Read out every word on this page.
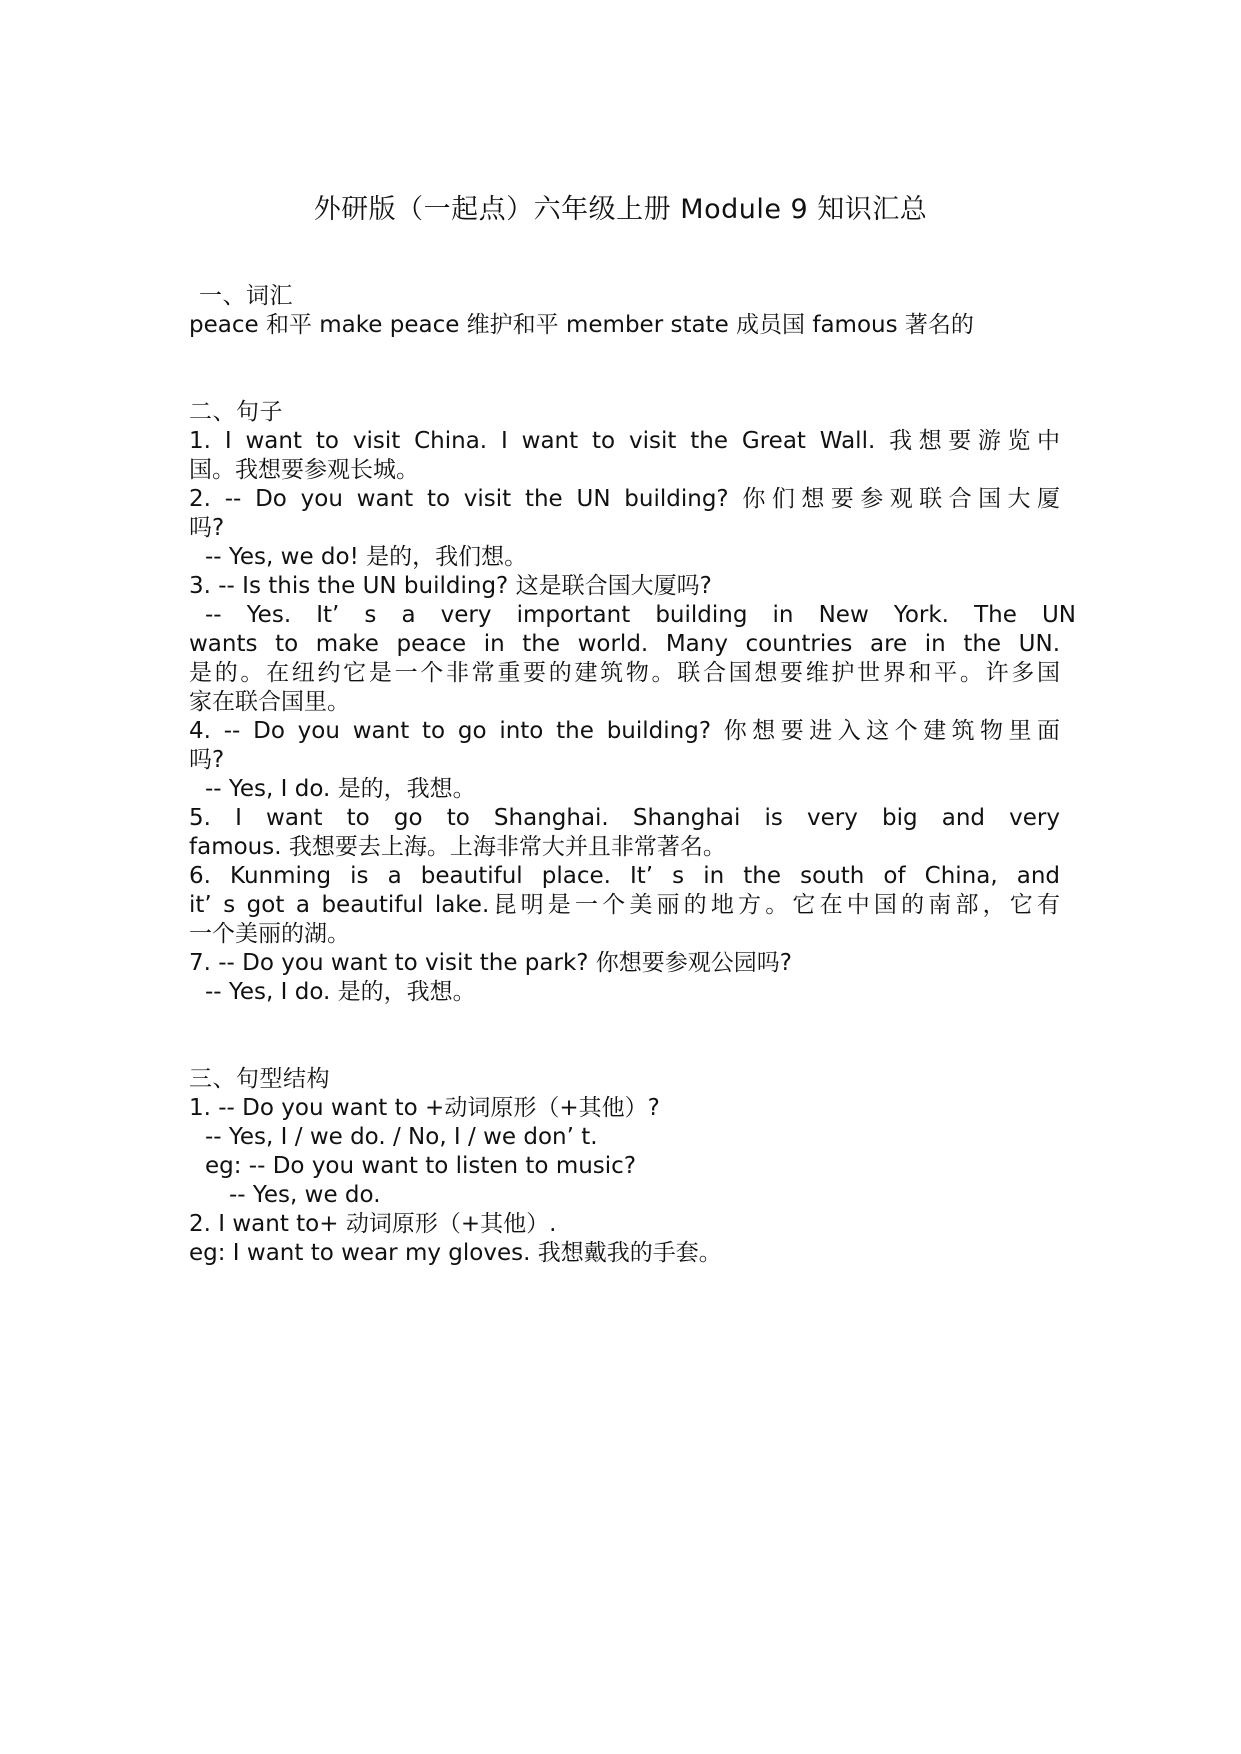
外研版（一起点）六年级上册 Module 9 知识汇总
一、词汇
peace 和平 make peace 维护和平 member state 成员国 famous 著名的
二、句子
1. I want to visit China. I want to visit the Great Wall. 我想要游览中
国。我想要参观长城。
2. -- Do you want to visit the UN building? 你们想要参观联合国大厦
吗?
-- Yes, we do! 是的，我们想。
3. -- Is this the UN building? 这是联合国大厦吗?
-- Yes. It’ s a very important building in New York. The UN
wants to make peace in the world. Many countries are in the UN.
是的。在纽约它是一个非常重要的建筑物。联合国想要维护世界和平。许多国
家在联合国里。
4. -- Do you want to go into the building? 你想要进入这个建筑物里面
吗?
-- Yes, I do. 是的，我想。
5. I want to go to Shanghai. Shanghai is very big and very
famous. 我想要去上海。上海非常大并且非常著名。
6. Kunming is a beautiful place. It’ s in the south of China, and
it’ s got a beautiful lake.昆明是一个美丽的地方。它在中国的南部，它有
一个美丽的湖。
7. -- Do you want to visit the park? 你想要参观公园吗?
-- Yes, I do. 是的，我想。
三、句型结构
1. -- Do you want to +动词原形（+其他）?
-- Yes, I / we do. / No, I / we don’ t.
eg: -- Do you want to listen to music?
-- Yes, we do.
2. I want to+ 动词原形（+其他）.
eg: I want to wear my gloves. 我想戴我的手套。
